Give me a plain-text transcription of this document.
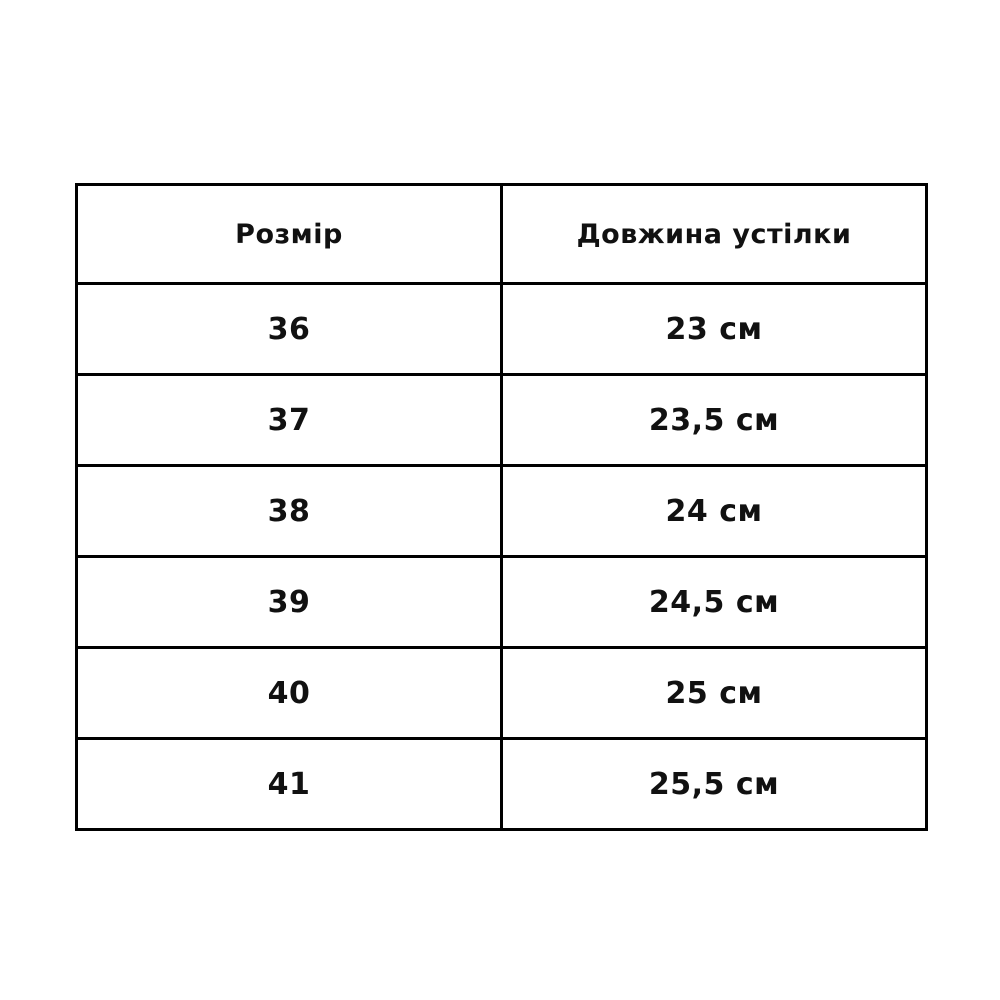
Розмір	Довжина устілки
36	23 см
37	23,5 см
38	24 см
39	24,5 см
40	25 см
41	25,5 см
